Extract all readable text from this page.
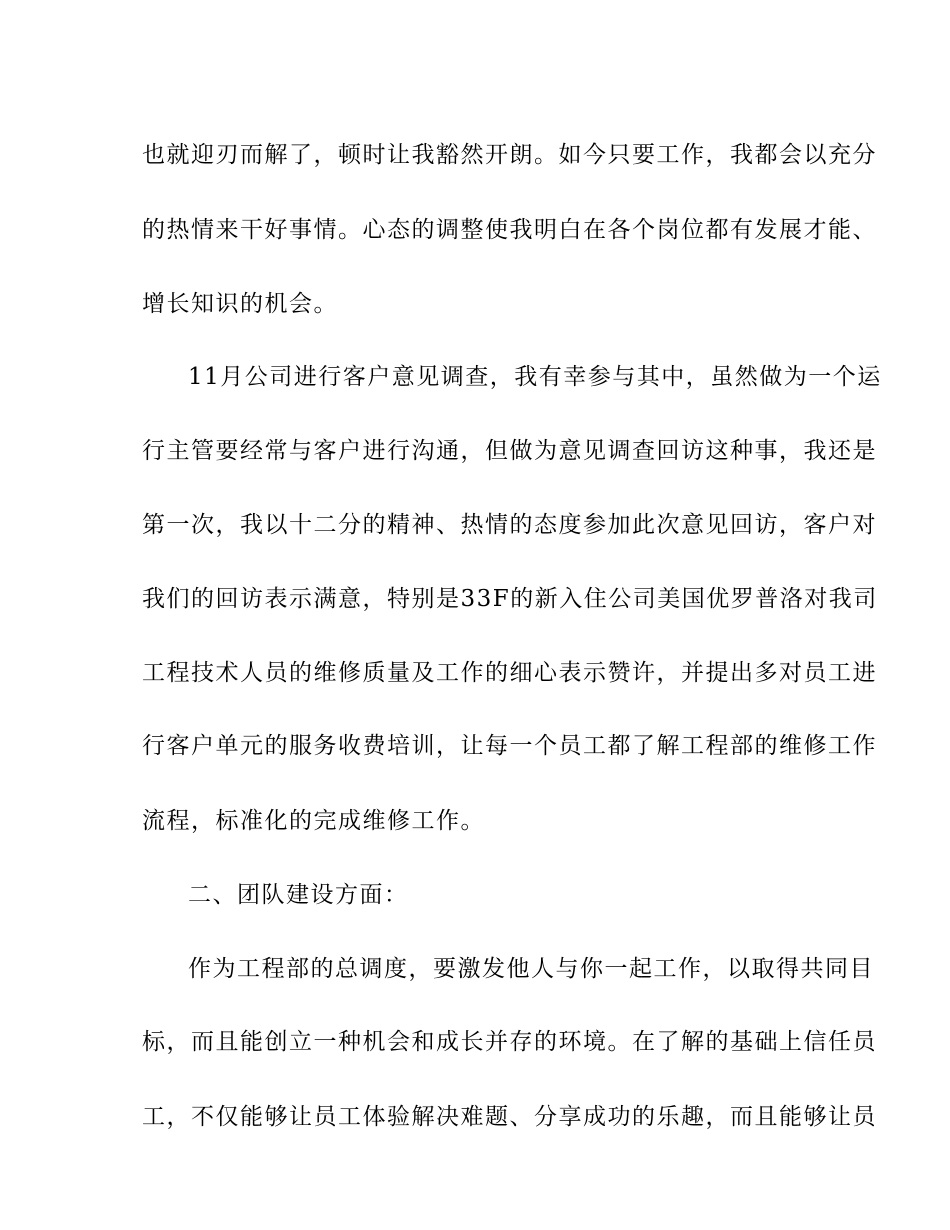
也就迎刃而解了，顿时让我豁然开朗。如今只要工作，我都会以充分
的热情来干好事情。心态的调整使我明白在各个岗位都有发展才能、
增长知识的机会。
11月公司进行客户意见调查，我有幸参与其中，虽然做为一个运
行主管要经常与客户进行沟通，但做为意见调查回访这种事，我还是
第一次，我以十二分的精神、热情的态度参加此次意见回访，客户对
我们的回访表示满意，特别是33F的新入住公司美国优罗普洛对我司
工程技术人员的维修质量及工作的细心表示赞许，并提出多对员工进
行客户单元的服务收费培训，让每一个员工都了解工程部的维修工作
流程，标准化的完成维修工作。
二、团队建设方面：
作为工程部的总调度，要激发他人与你一起工作，以取得共同目
标，而且能创立一种机会和成长并存的环境。在了解的基础上信任员
工，不仅能够让员工体验解决难题、分享成功的乐趣，而且能够让员
